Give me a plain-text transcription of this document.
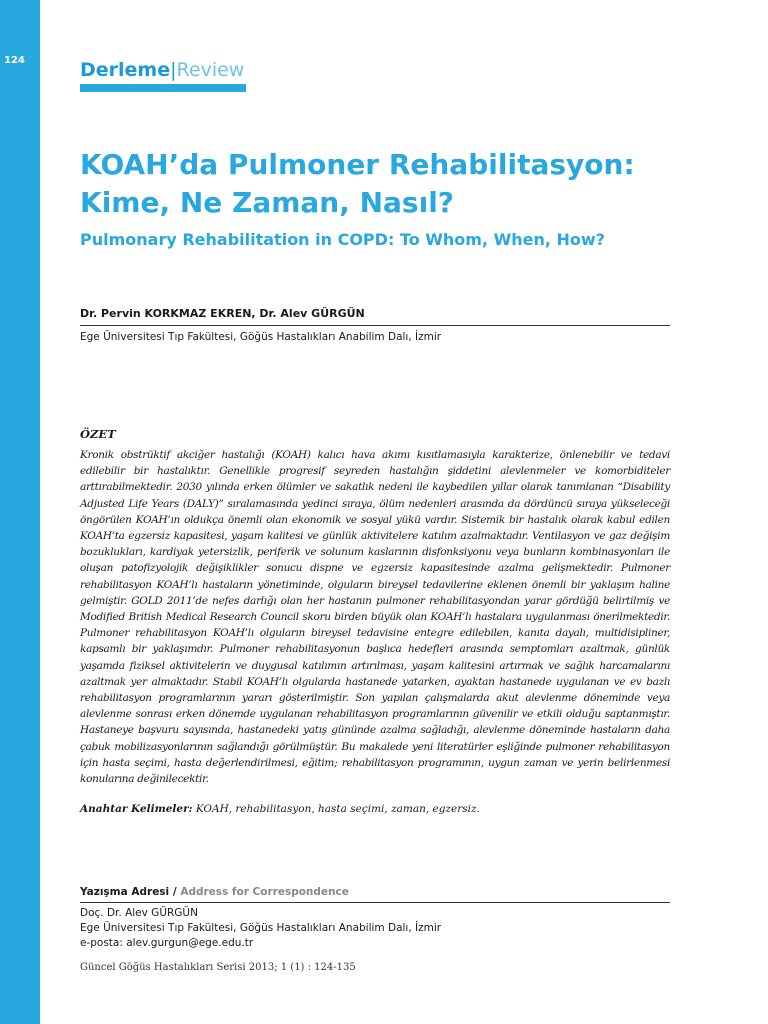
124	Derleme|Review
KOAH’da Pulmoner Rehabilitasyon: Kime, Ne Zaman, Nasıl?
Pulmonary Rehabilitation in COPD: To Whom, When, How?
Dr. Pervin KORKMAZ EKREN, Dr. Alev GÜRGÜN
Ege Üniversitesi Tıp Fakültesi, Göğüs Hastalıkları Anabilim Dalı, İzmir
ÖZET

Kronik obstrüktif akciğer hastalığı (KOAH) kalıcı hava akımı kısıtlamasıyla karakterize, önlenebilir ve tedavi edilebilir bir hastalıktır. Genellikle progresif seyreden hastalığın şiddetini alevlenmeler ve komorbiditeler arttırabilmektedir. 2030 yılında erken ölümler ve sakatlık nedeni ile kaybedilen yıllar olarak tanımlanan “Disability Adjusted Life Years (DALY)” sıralamasında yedinci sıraya, ölüm nedenleri arasında da dördüncü sıraya yükseleceği öngörülen KOAH’ın oldukça önemli olan ekonomik ve sosyal yükü vardır. Sistemik bir hastalık olarak kabul edilen KOAH’ta egzersiz kapasitesi, yaşam kalitesi ve günlük aktivitelere katılım azalmaktadır. Ventilasyon ve gaz değişim bozuklukları, kardiyak yetersizlik, periferik ve solunum kaslarının disfonksiyonu veya bunların kombinasyonları ile oluşan patofizyolojik değişiklikler sonucu dispne ve egzersiz kapasitesinde azalma gelişmektedir. Pulmoner rehabilitasyon KOAH’lı hastaların yönetiminde, olguların bireysel tedavilerine eklenen önemli bir yaklaşım haline gelmiştir. GOLD 2011’de nefes darlığı olan her hastanın pulmoner rehabilitasyondan yarar gördüğü belirtilmiş ve Modified British Medical Research Council skoru birden büyük olan KOAH’lı hastalara uygulanması önerilmektedir. Pulmoner rehabilitasyon KOAH’lı olguların bireysel tedavisine entegre edilebilen, kanıta dayalı, multidisipliner, kapsamlı bir yaklaşımdır. Pulmoner rehabilitasyonun başlıca hedefleri arasında semptomları azaltmak, günlük yaşamda fiziksel aktivitelerin ve duygusal katılımın artırılması, yaşam kalitesini artırmak ve sağlık harcamalarını azaltmak yer almaktadır. Stabil KOAH’lı olgularda hastanede yatarken, ayaktan hastanede uygulanan ve ev bazlı rehabilitasyon programlarının yararı gösterilmiştir. Son yapılan çalışmalarda akut alevlenme döneminde veya alevlenme sonrası erken dönemde uygulanan rehabilitasyon programlarının güvenilir ve etkili olduğu saptanmıştır. Hastaneye başvuru sayısında, hastanedeki yatış gününde azalma sağladığı, alevlenme döneminde hastaların daha çabuk mobilizasyonlarının sağlandığı görülmüştür. Bu makalede yeni literatürler eşliğinde pulmoner rehabilitasyon için hasta seçimi, hasta değerlendirilmesi, eğitim; rehabilitasyon programının, uygun zaman ve yerin belirlenmesi konularına değinilecektir.

Anahtar Kelimeler: KOAH, rehabilitasyon, hasta seçimi, zaman, egzersiz.
Yazışma Adresi / Address for Correspondence
Doç. Dr. Alev GÜRGÜN
Ege Üniversitesi Tıp Fakültesi, Göğüs Hastalıkları Anabilim Dalı, İzmir
e-posta: alev.gurgun@ege.edu.tr
Güncel Göğüs Hastalıkları Serisi 2013; 1 (1) : 124-135
